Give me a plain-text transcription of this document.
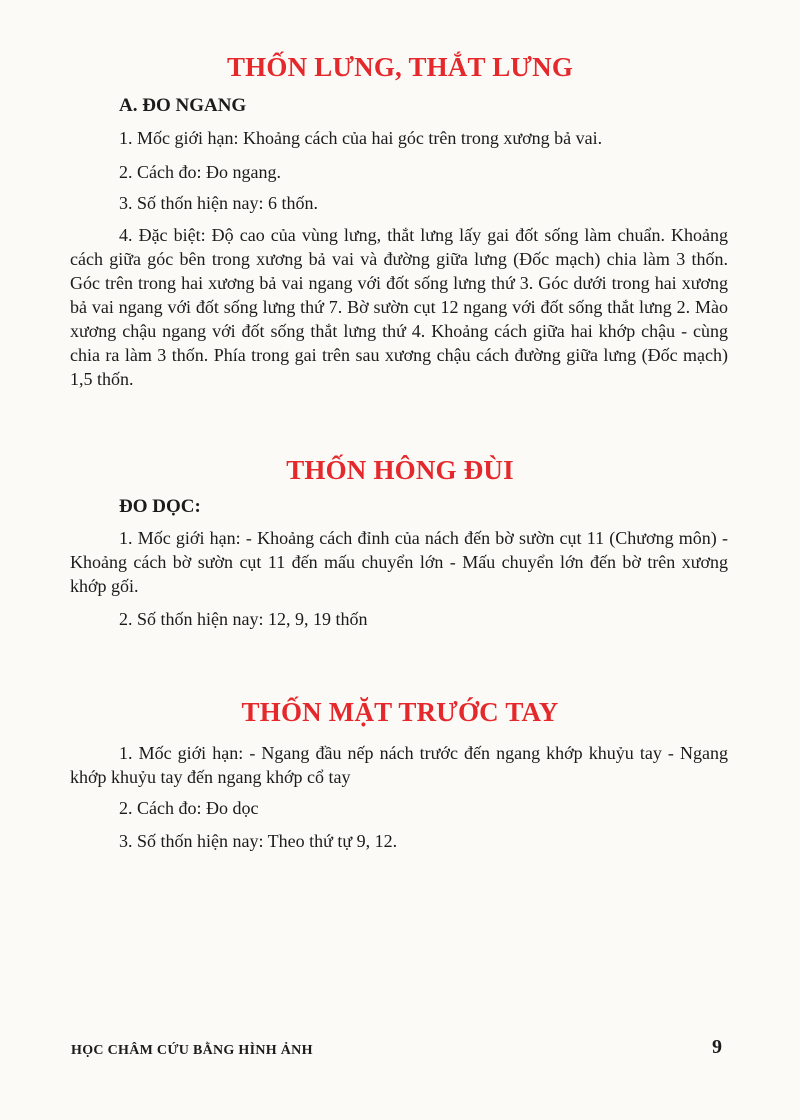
THỐN LƯNG, THẮT LƯNG
A. ĐO NGANG

1. Mốc giới hạn: Khoảng cách của hai góc trên trong xương bả vai.

2. Cách đo: Đo ngang.

3. Số thốn hiện nay: 6 thốn.

4. Đặc biệt: Độ cao của vùng lưng, thắt lưng lấy gai đốt sống làm chuẩn. Khoảng cách giữa góc bên trong xương bả vai và đường giữa lưng (Đốc mạch) chia làm 3 thốn. Góc trên trong hai xương bả vai ngang với đốt sống lưng thứ 3. Góc dưới trong hai xương bả vai ngang với đốt sống lưng thứ 7. Bờ sườn cụt 12 ngang với đốt sống thắt lưng 2. Mào xương chậu ngang với đốt sống thắt lưng thứ 4. Khoảng cách giữa hai khớp chậu - cùng chia ra làm 3 thốn. Phía trong gai trên sau xương chậu cách đường giữa lưng (Đốc mạch) 1,5 thốn.

THỐN HÔNG ĐÙI
ĐO DỌC:

1. Mốc giới hạn: - Khoảng cách đỉnh của nách đến bờ sườn cụt 11 (Chương môn) - Khoảng cách bờ sườn cụt 11 đến mấu chuyển lớn - Mấu chuyển lớn đến bờ trên xương khớp gối.

2. Số thốn hiện nay: 12, 9, 19 thốn

THỐN MẶT TRƯỚC TAY

1. Mốc giới hạn: - Ngang đầu nếp nách trước đến ngang khớp khuỷu tay - Ngang khớp khuỷu tay đến ngang khớp cổ tay

2. Cách đo: Đo dọc

3. Số thốn hiện nay: Theo thứ tự 9, 12.

HỌC CHÂM CỨU BẰNG HÌNH ẢNH	9
